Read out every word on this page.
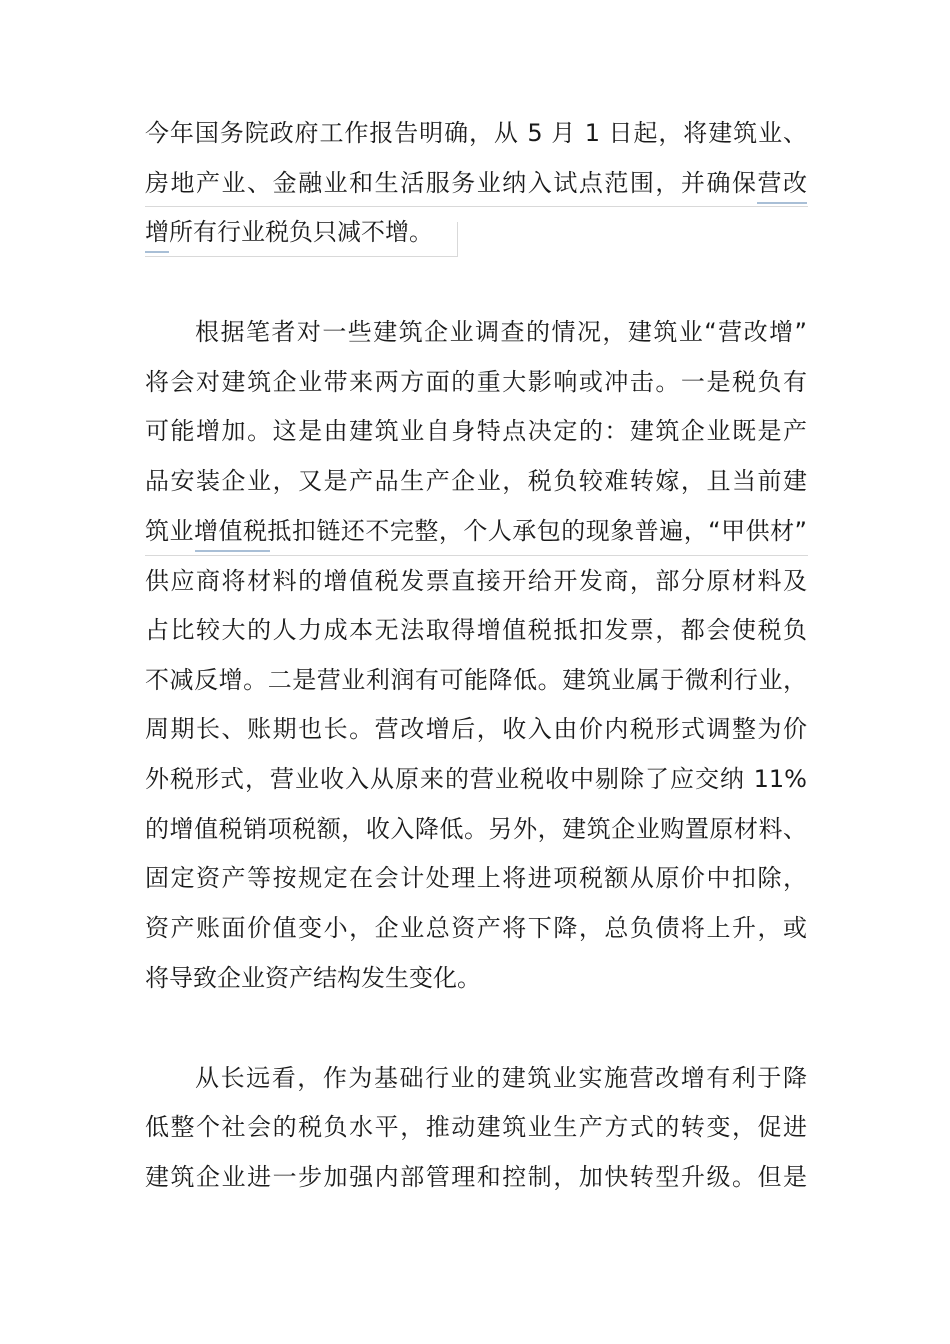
今年国务院政府工作报告明确，从 5 月 1 日起，将建筑业、
房地产业、金融业和生活服务业纳入试点范围，并确保营改
增所有行业税负只减不增。
根据笔者对一些建筑企业调查的情况，建筑业“营改增”
将会对建筑企业带来两方面的重大影响或冲击。一是税负有
可能增加。这是由建筑业自身特点决定的：建筑企业既是产
品安装企业，又是产品生产企业，税负较难转嫁，且当前建
筑业增值税抵扣链还不完整，个人承包的现象普遍，“甲供材”
供应商将材料的增值税发票直接开给开发商，部分原材料及
占比较大的人力成本无法取得增值税抵扣发票，都会使税负
不减反增。二是营业利润有可能降低。建筑业属于微利行业，
周期长、账期也长。营改增后，收入由价内税形式调整为价
外税形式，营业收入从原来的营业税收中剔除了应交纳 11%
的增值税销项税额，收入降低。另外，建筑企业购置原材料、
固定资产等按规定在会计处理上将进项税额从原价中扣除，
资产账面价值变小，企业总资产将下降，总负债将上升，或
将导致企业资产结构发生变化。
从长远看，作为基础行业的建筑业实施营改增有利于降
低整个社会的税负水平，推动建筑业生产方式的转变，促进
建筑企业进一步加强内部管理和控制，加快转型升级。但是
